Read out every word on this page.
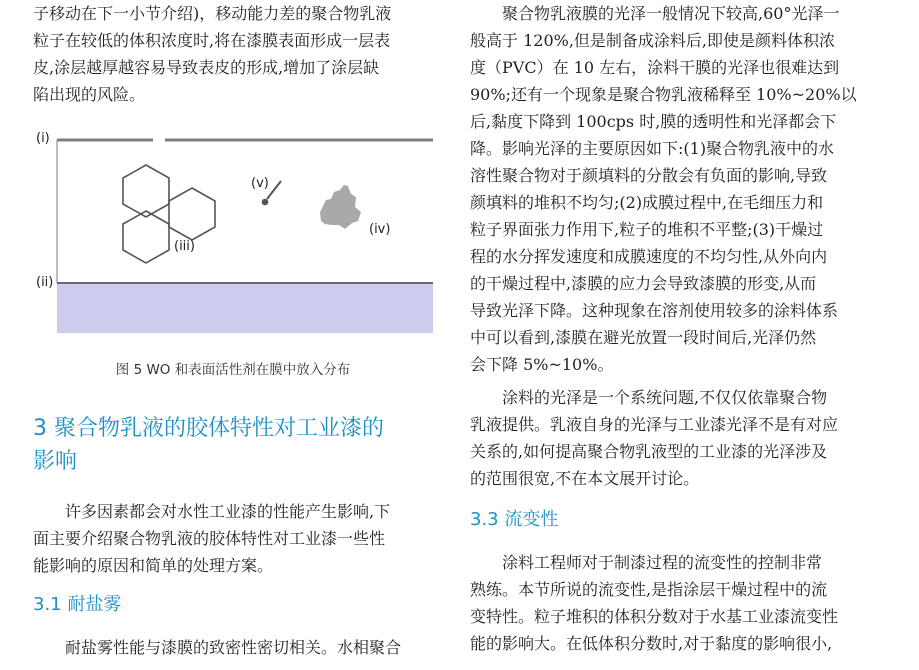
子移动在下一小节介绍)，移动能力差的聚合物乳液

粒子在较低的体积浓度时,将在漆膜表面形成一层表

皮,涂层越厚越容易导致表皮的形成,增加了涂层缺

陷出现的风险。

(i)
(ii)
(iii)
(iv)
(v)
图 5 WO 和表面活性剂在膜中放入分布
3 聚合物乳液的胶体特性对工业漆的
影响

许多因素都会对水性工业漆的性能产生影响,下

面主要介绍聚合物乳液的胶体特性对工业漆一些性

能影响的原因和简单的处理方案。

3.1 耐盐雾

耐盐雾性能与漆膜的致密性密切相关。水相聚合

聚合物乳液膜的光泽一般情况下较高,60°光泽一

般高于 120%,但是制备成涂料后,即使是颜料体积浓

度（PVC）在 10 左右，涂料干膜的光泽也很难达到

90%;还有一个现象是聚合物乳液稀释至 10%~20%以

后,黏度下降到 100cps 时,膜的透明性和光泽都会下

降。影响光泽的主要原因如下:(1)聚合物乳液中的水

溶性聚合物对于颜填料的分散会有负面的影响,导致

颜填料的堆积不均匀;(2)成膜过程中,在毛细压力和

粒子界面张力作用下,粒子的堆积不平整;(3)干燥过

程的水分挥发速度和成膜速度的不均匀性,从外向内

的干燥过程中,漆膜的应力会导致漆膜的形变,从而

导致光泽下降。这种现象在溶剂使用较多的涂料体系

中可以看到,漆膜在避光放置一段时间后,光泽仍然

会下降 5%~10%。

涂料的光泽是一个系统问题,不仅仅依靠聚合物

乳液提供。乳液自身的光泽与工业漆光泽不是有对应

关系的,如何提高聚合物乳液型的工业漆的光泽涉及

的范围很宽,不在本文展开讨论。

3.3 流变性

涂料工程师对于制漆过程的流变性的控制非常

熟练。本节所说的流变性,是指涂层干燥过程中的流

变特性。粒子堆积的体积分数对于水基工业漆流变性

能的影响大。在低体积分数时,对于黏度的影响很小,
